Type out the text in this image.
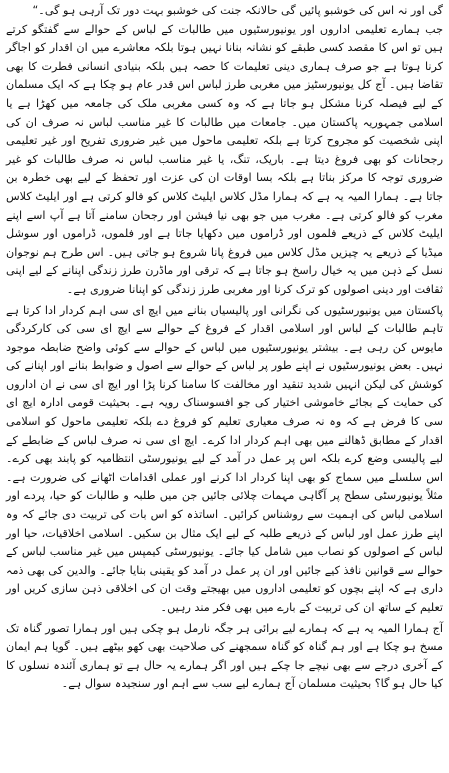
گی اور نہ اس کی خوشبو پائیں گی حالانکہ جنت کی خوشبو بہت دور تک آرہی ہو گی۔“

جب ہمارے تعلیمی اداروں اور یونیورسٹیوں میں طالبات کے لباس کے حوالے سے گفتگو کرتے ہیں تو اس کا مقصد کسی طبقے کو نشانہ بنانا نہیں ہوتا بلکہ معاشرے میں ان اقدار کو اجاگر کرنا ہوتا ہے جو صرف ہماری دینی تعلیمات کا حصہ ہیں بلکہ بنیادی انسانی فطرت کا بھی تقاضا ہیں۔ آج کل یونیورسٹیز میں مغربی طرز لباس اس قدر عام ہو چکا ہے کہ ایک مسلمان کے لیے فیصلہ کرنا مشکل ہو جاتا ہے کہ وہ کسی مغربی ملک کی جامعہ میں کھڑا ہے یا اسلامی جمہوریہ پاکستان میں۔ جامعات میں طالبات کا غیر مناسب لباس نہ صرف ان کی اپنی شخصیت کو مجروح کرتا ہے بلکہ تعلیمی ماحول میں غیر ضروری تفریح اور غیر تعلیمی رجحانات کو بھی فروغ دیتا ہے۔ باریک، تنگ، یا غیر مناسب لباس نہ صرف طالبات کو غیر ضروری توجہ کا مرکز بناتا ہے بلکہ بسا اوقات ان کی عزت اور تحفظ کے لیے بھی خطرہ بن جاتا ہے۔ ہمارا المیہ یہ ہے کہ ہمارا مڈل کلاس ایلیٹ کلاس کو فالو کرتی ہے اور ایلیٹ کلاس مغرب کو فالو کرتی ہے۔ مغرب میں جو بھی نیا فیشن اور رجحان سامنے آتا ہے آپ اسے اپنے ایلیٹ کلاس کے ذریعے فلموں اور ڈراموں میں دکھایا جاتا ہے اور فلموں، ڈراموں اور سوشل میڈیا کے ذریعے یہ چیزیں مڈل کلاس میں فروغ پانا شروع ہو جاتی ہیں۔ اس طرح ہم نوجوان نسل کے ذہن میں یہ خیال راسخ ہو جاتا ہے کہ ترقی اور ماڈرن طرز زندگی اپنانے کے لیے اپنی ثقافت اور دینی اصولوں کو ترک کرنا اور مغربی طرز زندگی کو اپنانا ضروری ہے۔

پاکستان میں یونیورسٹیوں کی نگرانی اور پالیسیاں بنانے میں ایچ ای سی اہم کردار ادا کرتا ہے تاہم طالبات کے لباس اور اسلامی اقدار کے فروغ کے حوالے سے ایچ ای سی کی کارکردگی مایوس کن رہی ہے۔ بیشتر یونیورسٹیوں میں لباس کے حوالے سے کوئی واضح ضابطہ موجود نہیں۔ بعض یونیورسٹیوں نے اپنے طور پر لباس کے حوالے سے اصول و ضوابط بنانے اور اپنانے کی کوشش کی لیکن انہیں شدید تنقید اور مخالفت کا سامنا کرنا پڑا اور ایچ ای سی نے ان اداروں کی حمایت کے بجائے خاموشی اختیار کی جو افسوسناک رویہ ہے۔ بحیثیت قومی ادارہ ایچ ای سی کا فرض ہے کہ وہ نہ صرف معیاری تعلیم کو فروغ دے بلکہ تعلیمی ماحول کو اسلامی اقدار کے مطابق ڈھالنے میں بھی اہم کردار ادا کرے۔ ایچ ای سی نہ صرف لباس کے ضابطے کے لیے پالیسی وضع کرے بلکہ اس پر عمل در آمد کے لیے یونیورسٹی انتظامیہ کو پابند بھی کرے۔ اس سلسلے میں سماج کو بھی اپنا کردار ادا کرنے اور عملی اقدامات اٹھانے کی ضرورت ہے۔ مثلاً یونیورسٹی سطح پر آگاہی مہمات چلائی جائیں جن میں طلبہ و طالبات کو حیا، پردے اور اسلامی لباس کی اہمیت سے روشناس کرائیں۔ اساتذہ کو اس بات کی تربیت دی جائے کہ وہ اپنے طرز عمل اور لباس کے ذریعے طلبہ کے لیے ایک مثال بن سکیں۔ اسلامی اخلاقیات، حیا اور لباس کے اصولوں کو نصاب میں شامل کیا جائے۔ یونیورسٹی کیمپس میں غیر مناسب لباس کے حوالے سے قوانین نافذ کیے جائیں اور ان پر عمل در آمد کو یقینی بنایا جائے۔ والدین کی بھی ذمہ داری ہے کہ اپنے بچوں کو تعلیمی اداروں میں بھیجتے وقت ان کی اخلاقی ذہن سازی کریں اور تعلیم کے ساتھ ان کی تربیت کے بارے میں بھی فکر مند رہیں۔

آج ہمارا المیہ یہ ہے کہ ہمارے لیے برائی ہر جگہ نارمل ہو چکی ہیں اور ہمارا تصور گناہ تک مسخ ہو چکا ہے اور ہم گناہ کو گناہ سمجھنے کی صلاحیت بھی کھو بیٹھے ہیں۔ گویا ہم ایمان کے آخری درجے سے بھی نیچے جا چکے ہیں اور اگر ہمارے یہ حال ہے تو ہماری آئندہ نسلوں کا کیا حال ہو گا؟ بحیثیت مسلمان آج ہمارے لیے سب سے اہم اور سنجیدہ سوال ہے۔
